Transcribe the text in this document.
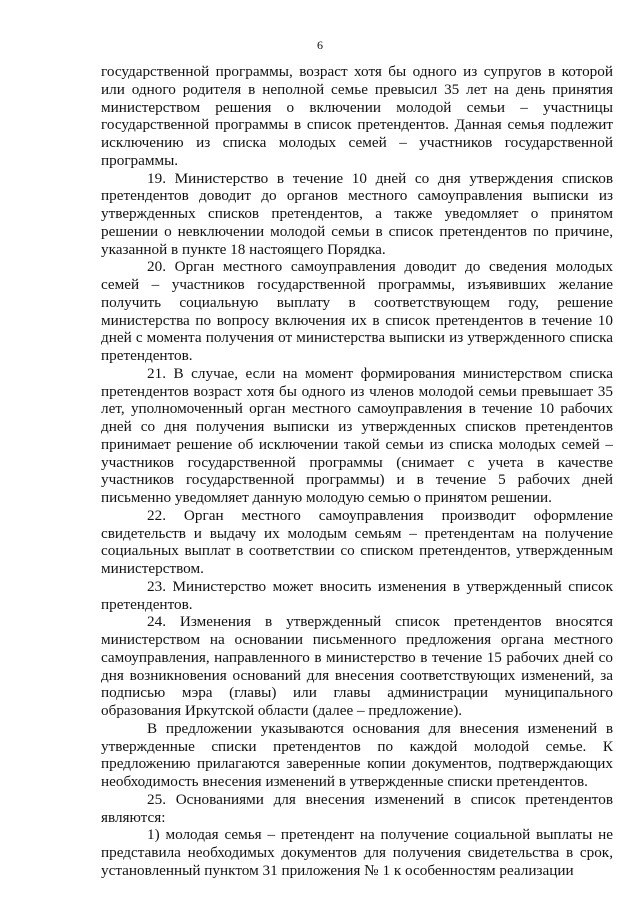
6

государственной программы, возраст хотя бы одного из супругов в которой или одного родителя в неполной семье превысил 35 лет на день принятия министерством решения о включении молодой семьи – участницы государственной программы в список претендентов. Данная семья подлежит исключению из списка молодых семей – участников государственной программы.

19. Министерство в течение 10 дней со дня утверждения списков претендентов доводит до органов местного самоуправления выписки из утвержденных списков претендентов, а также уведомляет о принятом решении о невключении молодой семьи в список претендентов по причине, указанной в пункте 18 настоящего Порядка.

20. Орган местного самоуправления доводит до сведения молодых семей – участников государственной программы, изъявивших желание получить социальную выплату в соответствующем году, решение министерства по вопросу включения их в список претендентов в течение 10 дней с момента получения от министерства выписки из утвержденного списка претендентов.

21. В случае, если на момент формирования министерством списка претендентов возраст хотя бы одного из членов молодой семьи превышает 35 лет, уполномоченный орган местного самоуправления в течение 10 рабочих дней со дня получения выписки из утвержденных списков претендентов принимает решение об исключении такой семьи из списка молодых семей – участников государственной программы (снимает с учета в качестве участников государственной программы) и в течение 5 рабочих дней письменно уведомляет данную молодую семью о принятом решении.

22. Орган местного самоуправления производит оформление свидетельств и выдачу их молодым семьям – претендентам на получение социальных выплат в соответствии со списком претендентов, утвержденным министерством.

23. Министерство может вносить изменения в утвержденный список претендентов.

24. Изменения в утвержденный список претендентов вносятся министерством на основании письменного предложения органа местного самоуправления, направленного в министерство в течение 15 рабочих дней со дня возникновения оснований для внесения соответствующих изменений, за подписью мэра (главы) или главы администрации муниципального образования Иркутской области (далее – предложение).

В предложении указываются основания для внесения изменений в утвержденные списки претендентов по каждой молодой семье. К предложению прилагаются заверенные копии документов, подтверждающих необходимость внесения изменений в утвержденные списки претендентов.

25. Основаниями для внесения изменений в список претендентов являются:

1) молодая семья – претендент на получение социальной выплаты не представила необходимых документов для получения свидетельства в срок, установленный пунктом 31 приложения № 1 к особенностям реализации
